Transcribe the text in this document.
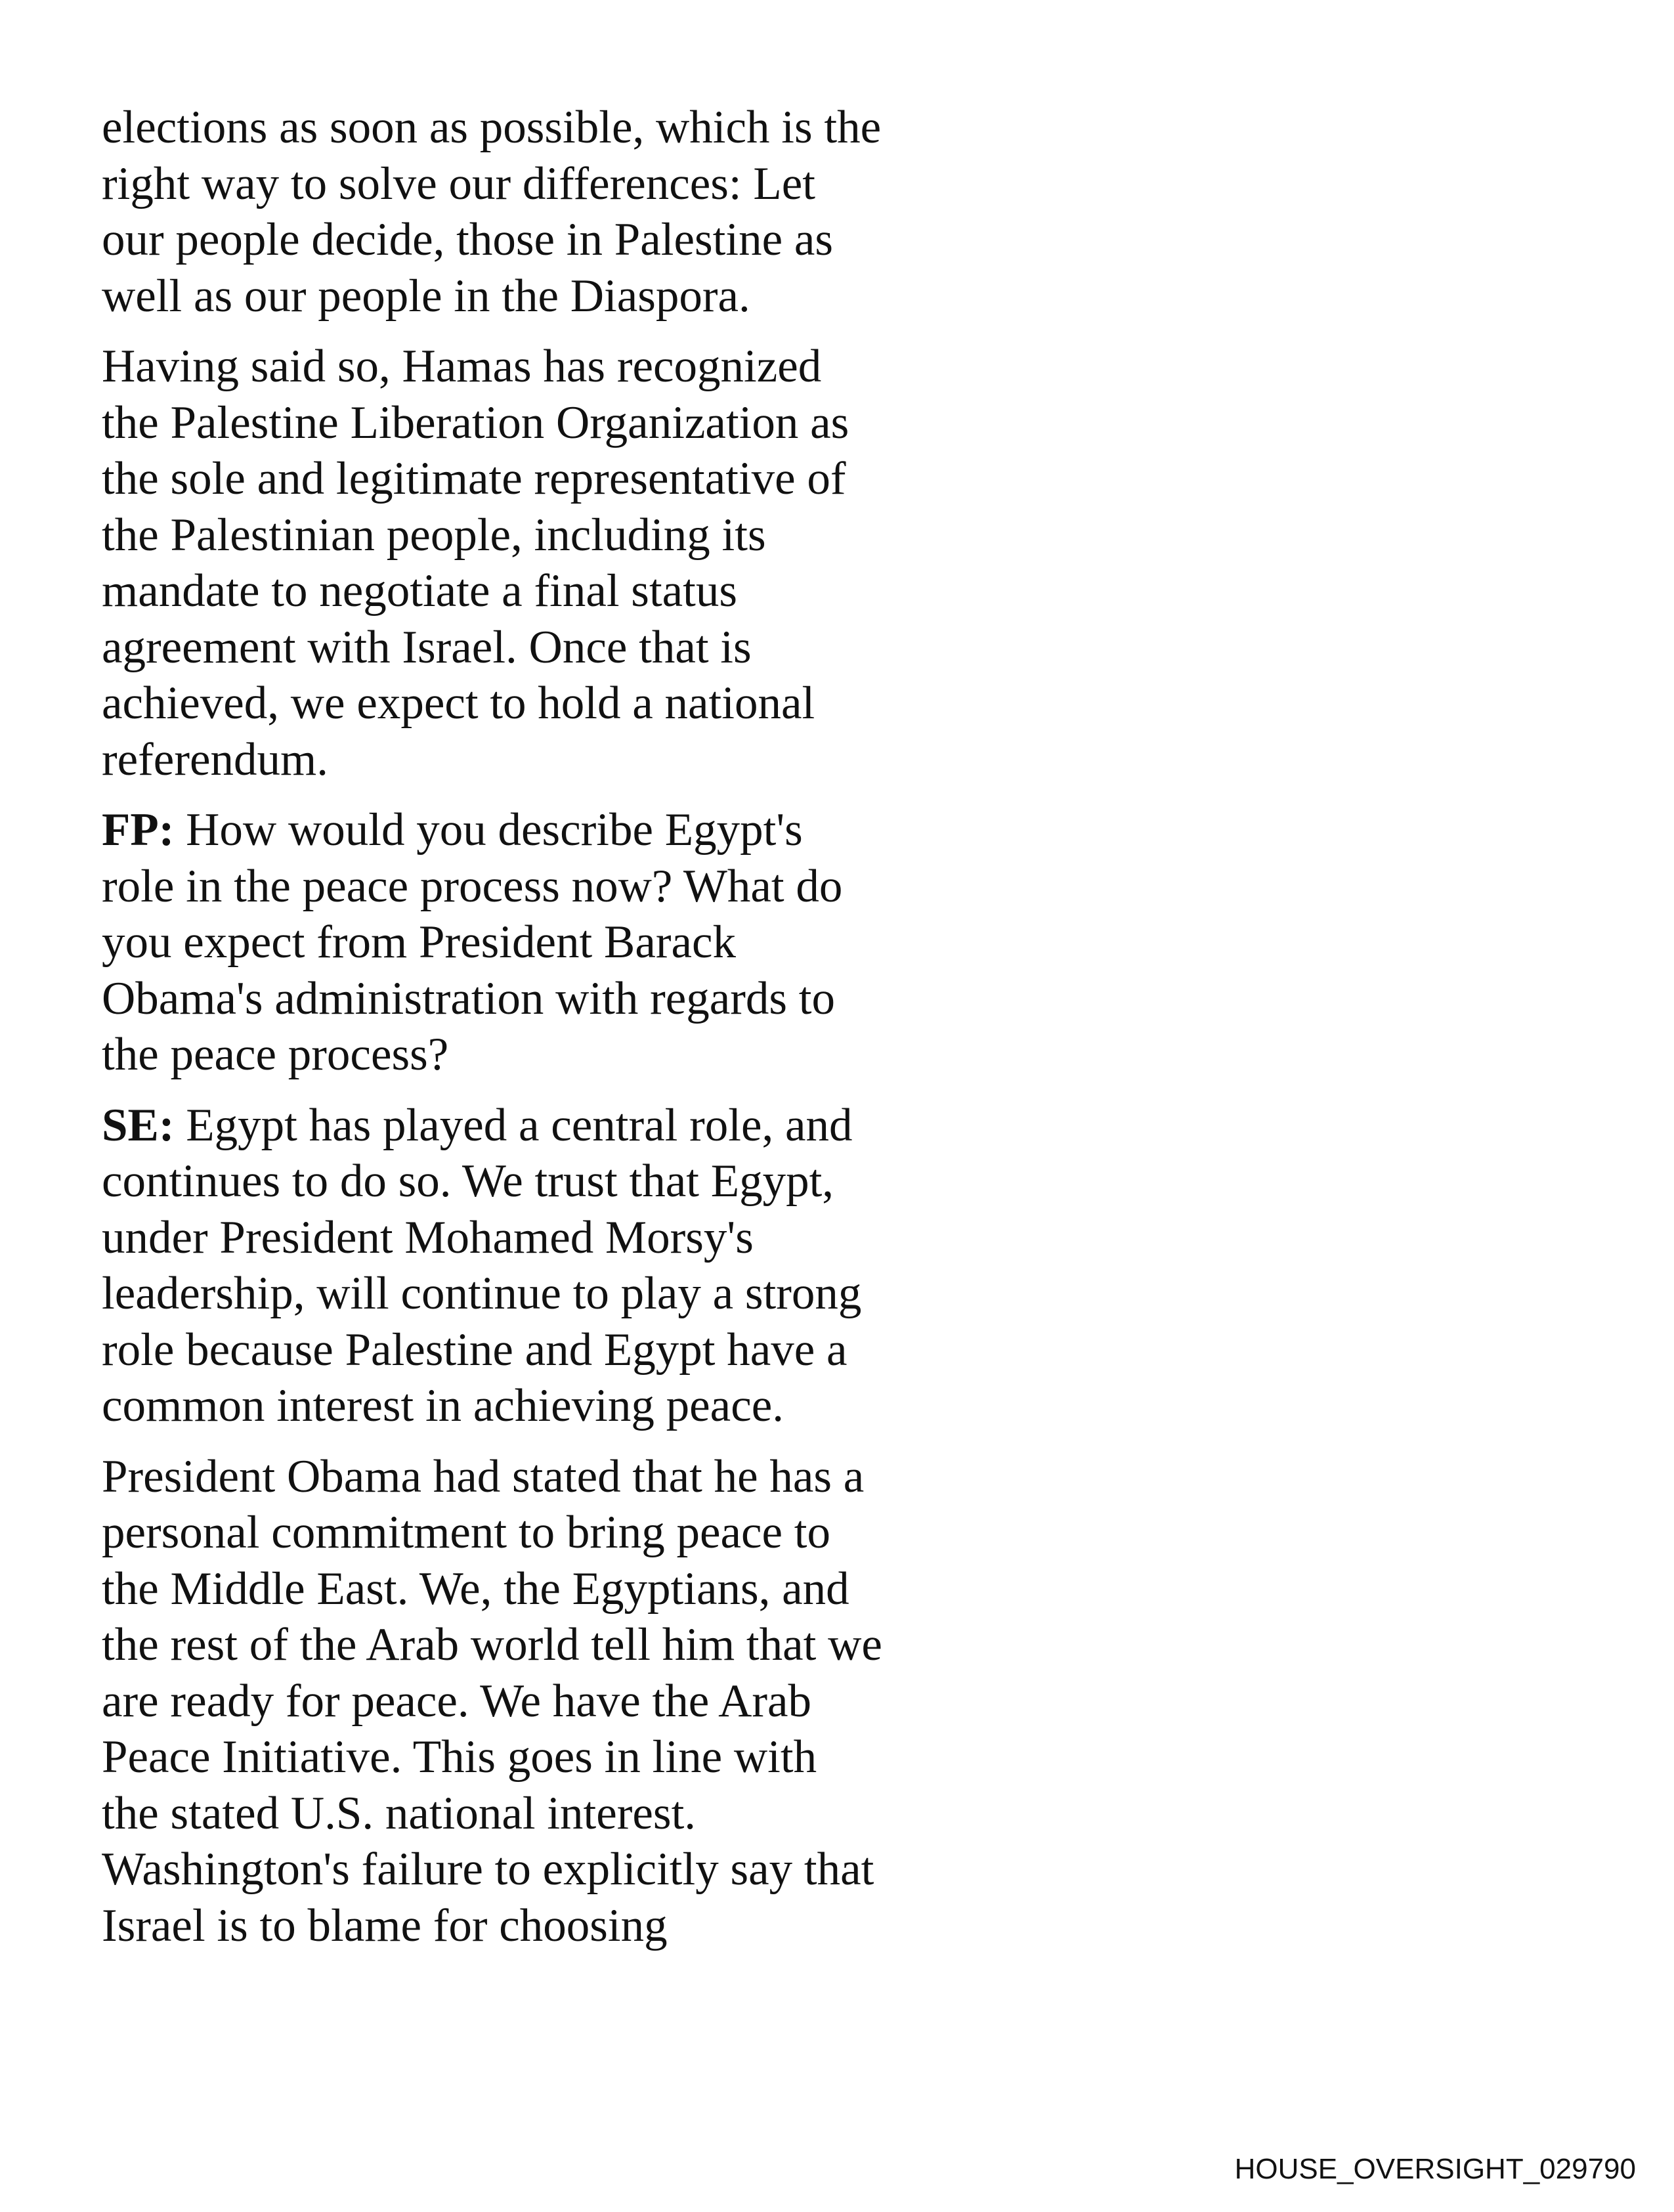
elections as soon as possible, which is the
right way to solve our differences: Let
our people decide, those in Palestine as
well as our people in the Diaspora.

Having said so, Hamas has recognized
the Palestine Liberation Organization as
the sole and legitimate representative of
the Palestinian people, including its
mandate to negotiate a final status
agreement with Israel. Once that is
achieved, we expect to hold a national
referendum.

FP: How would you describe Egypt's
role in the peace process now? What do
you expect from President Barack
Obama's administration with regards to
the peace process?

SE: Egypt has played a central role, and
continues to do so. We trust that Egypt,
under President Mohamed Morsy's
leadership, will continue to play a strong
role because Palestine and Egypt have a
common interest in achieving peace.

President Obama had stated that he has a
personal commitment to bring peace to
the Middle East. We, the Egyptians, and
the rest of the Arab world tell him that we
are ready for peace. We have the Arab
Peace Initiative. This goes in line with
the stated U.S. national interest.
Washington's failure to explicitly say that
Israel is to blame for choosing

HOUSE_OVERSIGHT_029790
